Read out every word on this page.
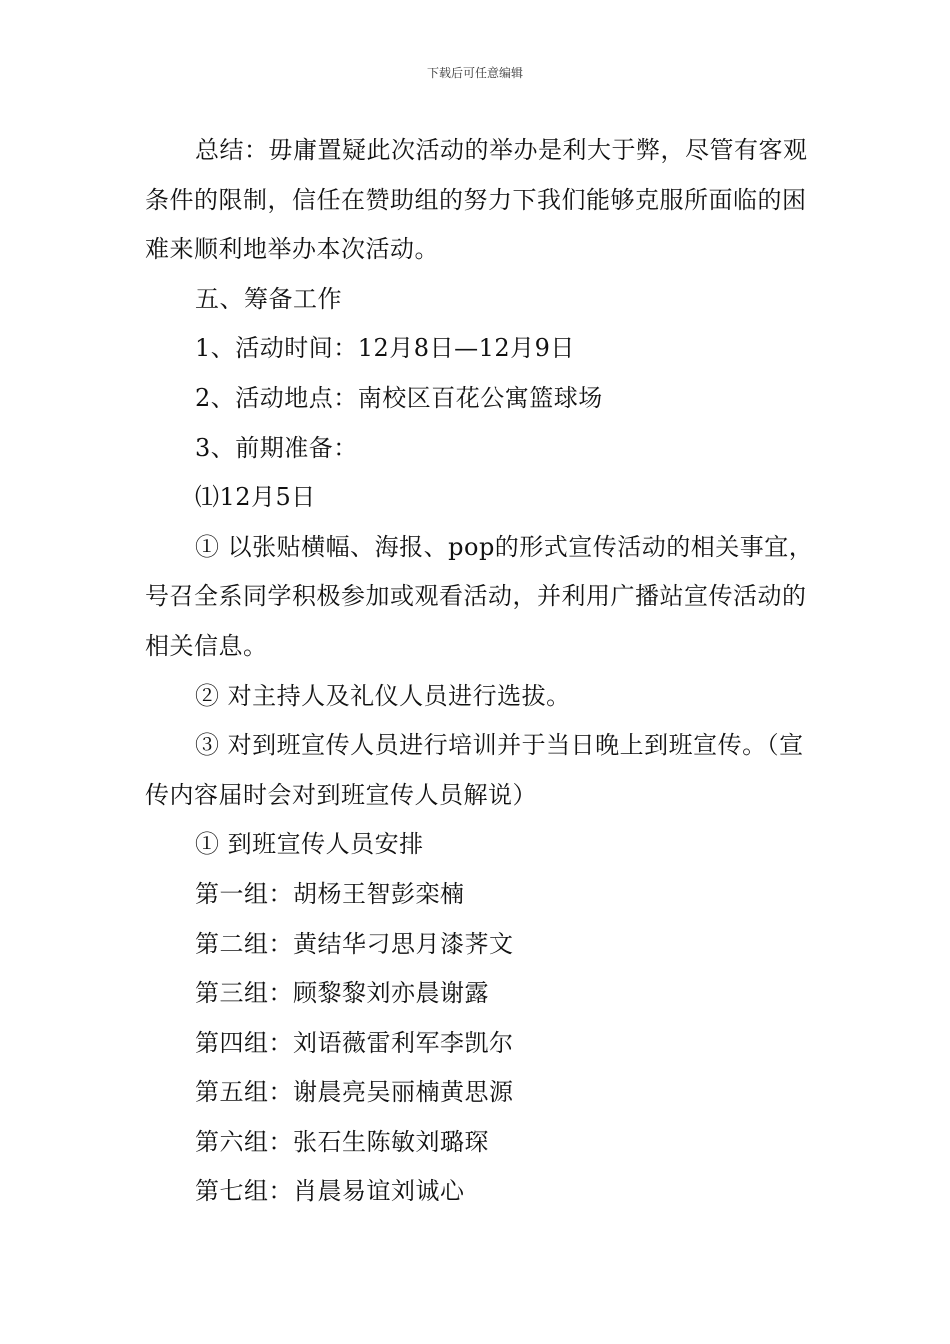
下载后可任意编辑

总结：毋庸置疑此次活动的举办是利大于弊，尽管有客观条件的限制，信任在赞助组的努力下我们能够克服所面临的困难来顺利地举办本次活动。

五、筹备工作

1、活动时间：12月8日—12月9日

2、活动地点：南校区百花公寓篮球场

3、前期准备：

⑴12月5日

① 以张贴横幅、海报、pop的形式宣传活动的相关事宜，号召全系同学积极参加或观看活动，并利用广播站宣传活动的相关信息。

② 对主持人及礼仪人员进行选拔。

③ 对到班宣传人员进行培训并于当日晚上到班宣传。（宣传内容届时会对到班宣传人员解说）

① 到班宣传人员安排

第一组：胡杨王智彭栾楠

第二组：黄结华刁思月漆荠文

第三组：顾黎黎刘亦晨谢露

第四组：刘语薇雷利军李凯尔

第五组：谢晨亮吴丽楠黄思源

第六组：张石生陈敏刘璐琛

第七组：肖晨易谊刘诚心
